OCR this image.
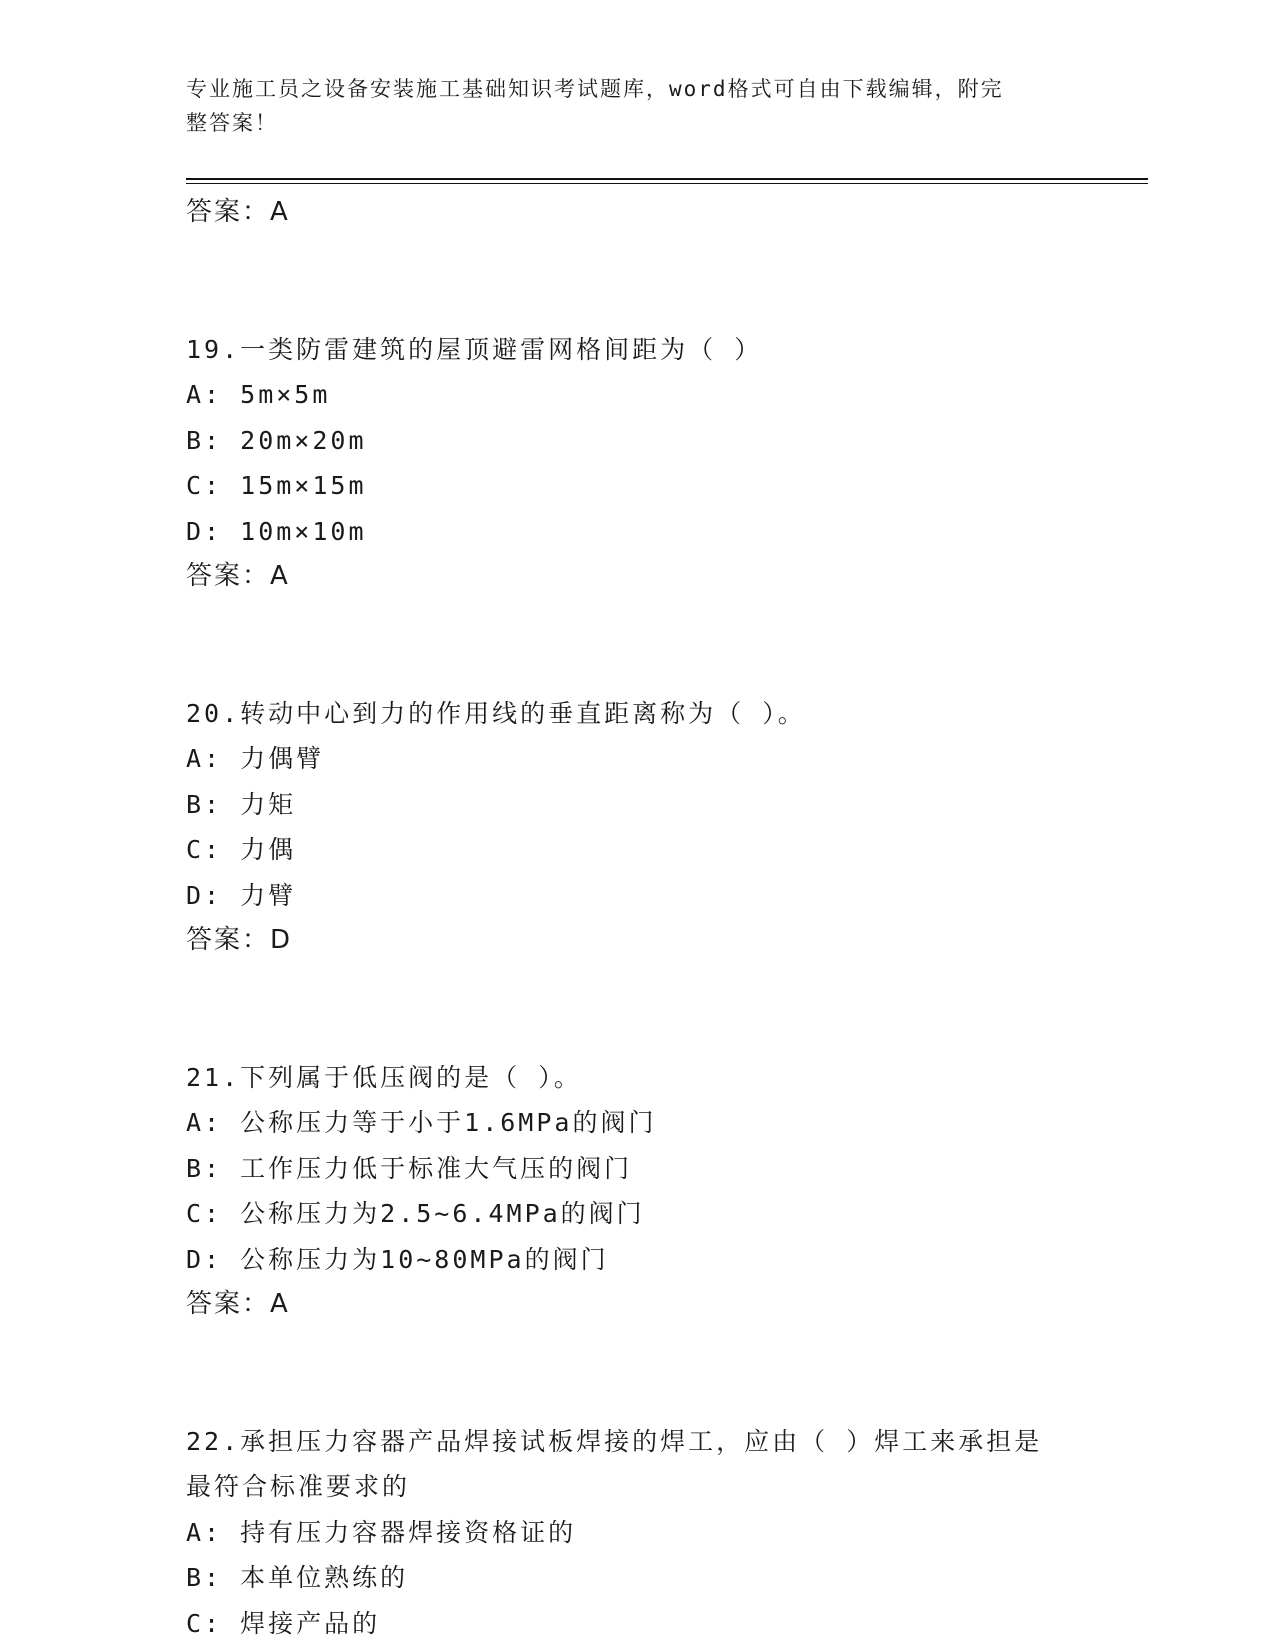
专业施工员之设备安装施工基础知识考试题库，word格式可自由下载编辑，附完
整答案！
答案：A
19.一类防雷建筑的屋顶避雷网格间距为（ ）
A: 5m×5m
B: 20m×20m
C: 15m×15m
D: 10m×10m
答案：A
20.转动中心到力的作用线的垂直距离称为（ ）。
A: 力偶臂
B: 力矩
C: 力偶
D: 力臂
答案：D
21.下列属于低压阀的是（ ）。
A: 公称压力等于小于1.6MPa的阀门
B: 工作压力低于标准大气压的阀门
C: 公称压力为2.5~6.4MPa的阀门
D: 公称压力为10~80MPa的阀门
答案：A
22.承担压力容器产品焊接试板焊接的焊工，应由（ ）焊工来承担是
最符合标准要求的
A: 持有压力容器焊接资格证的
B: 本单位熟练的
C: 焊接产品的
